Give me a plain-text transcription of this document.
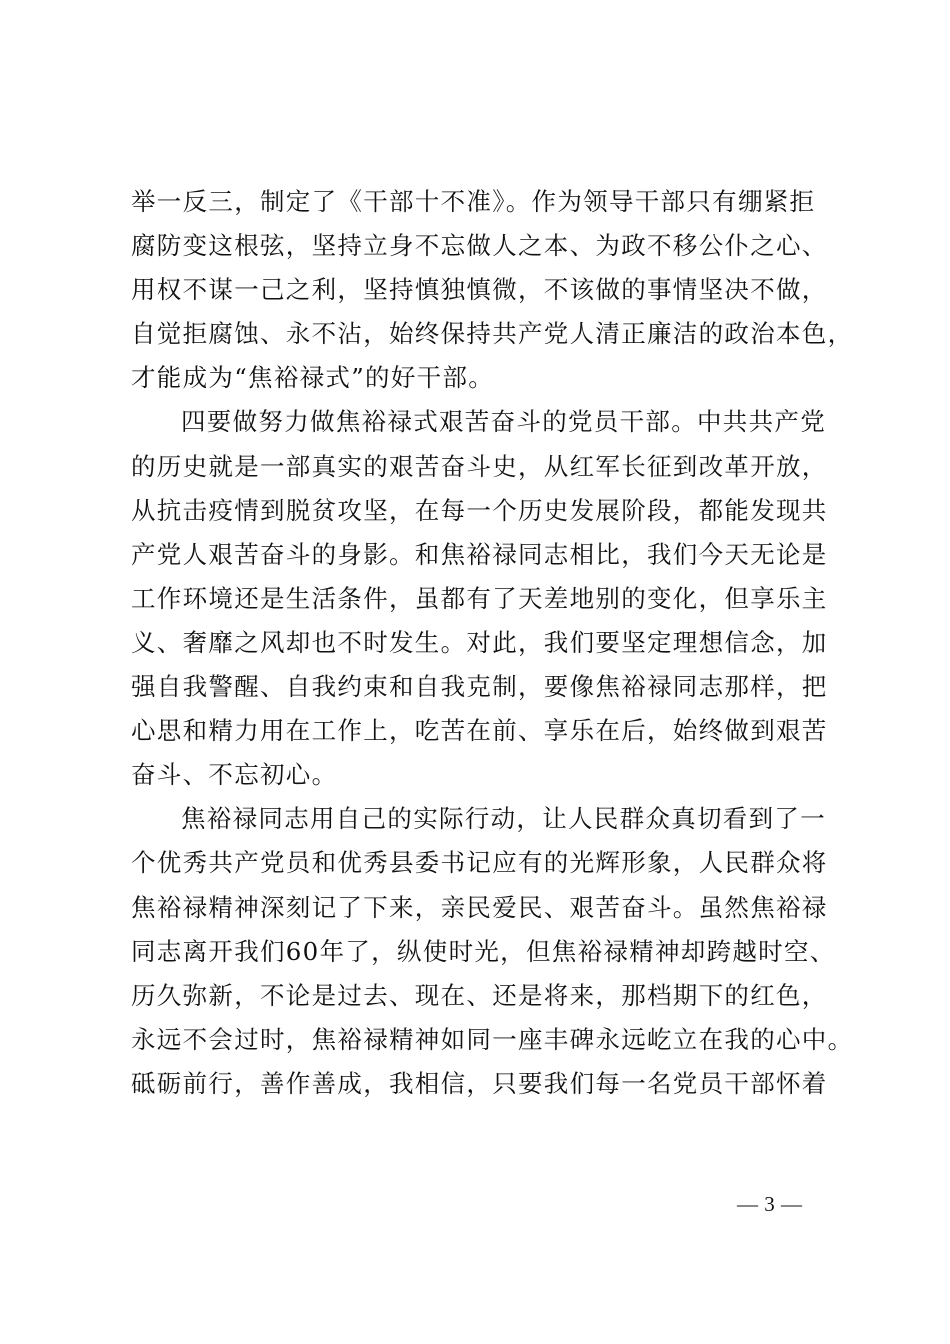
举一反三，制定了《干部十不准》。作为领导干部只有绷紧拒
腐防变这根弦，坚持立身不忘做人之本、为政不移公仆之心、
用权不谋一己之利，坚持慎独慎微，不该做的事情坚决不做，
自觉拒腐蚀、永不沾，始终保持共产党人清正廉洁的政治本色，
才能成为“焦裕禄式”的好干部。
四要做努力做焦裕禄式艰苦奋斗的党员干部。中共共产党
的历史就是一部真实的艰苦奋斗史，从红军长征到改革开放，
从抗击疫情到脱贫攻坚，在每一个历史发展阶段，都能发现共
产党人艰苦奋斗的身影。和焦裕禄同志相比，我们今天无论是
工作环境还是生活条件，虽都有了天差地别的变化，但享乐主
义、奢靡之风却也不时发生。对此，我们要坚定理想信念，加
强自我警醒、自我约束和自我克制，要像焦裕禄同志那样，把
心思和精力用在工作上，吃苦在前、享乐在后，始终做到艰苦
奋斗、不忘初心。
焦裕禄同志用自己的实际行动，让人民群众真切看到了一
个优秀共产党员和优秀县委书记应有的光辉形象，人民群众将
焦裕禄精神深刻记了下来，亲民爱民、艰苦奋斗。虽然焦裕禄
同志离开我们60年了，纵使时光，但焦裕禄精神却跨越时空、
历久弥新，不论是过去、现在、还是将来，那档期下的红色，
永远不会过时，焦裕禄精神如同一座丰碑永远屹立在我的心中。
砥砺前行，善作善成，我相信，只要我们每一名党员干部怀着
— 3 —
